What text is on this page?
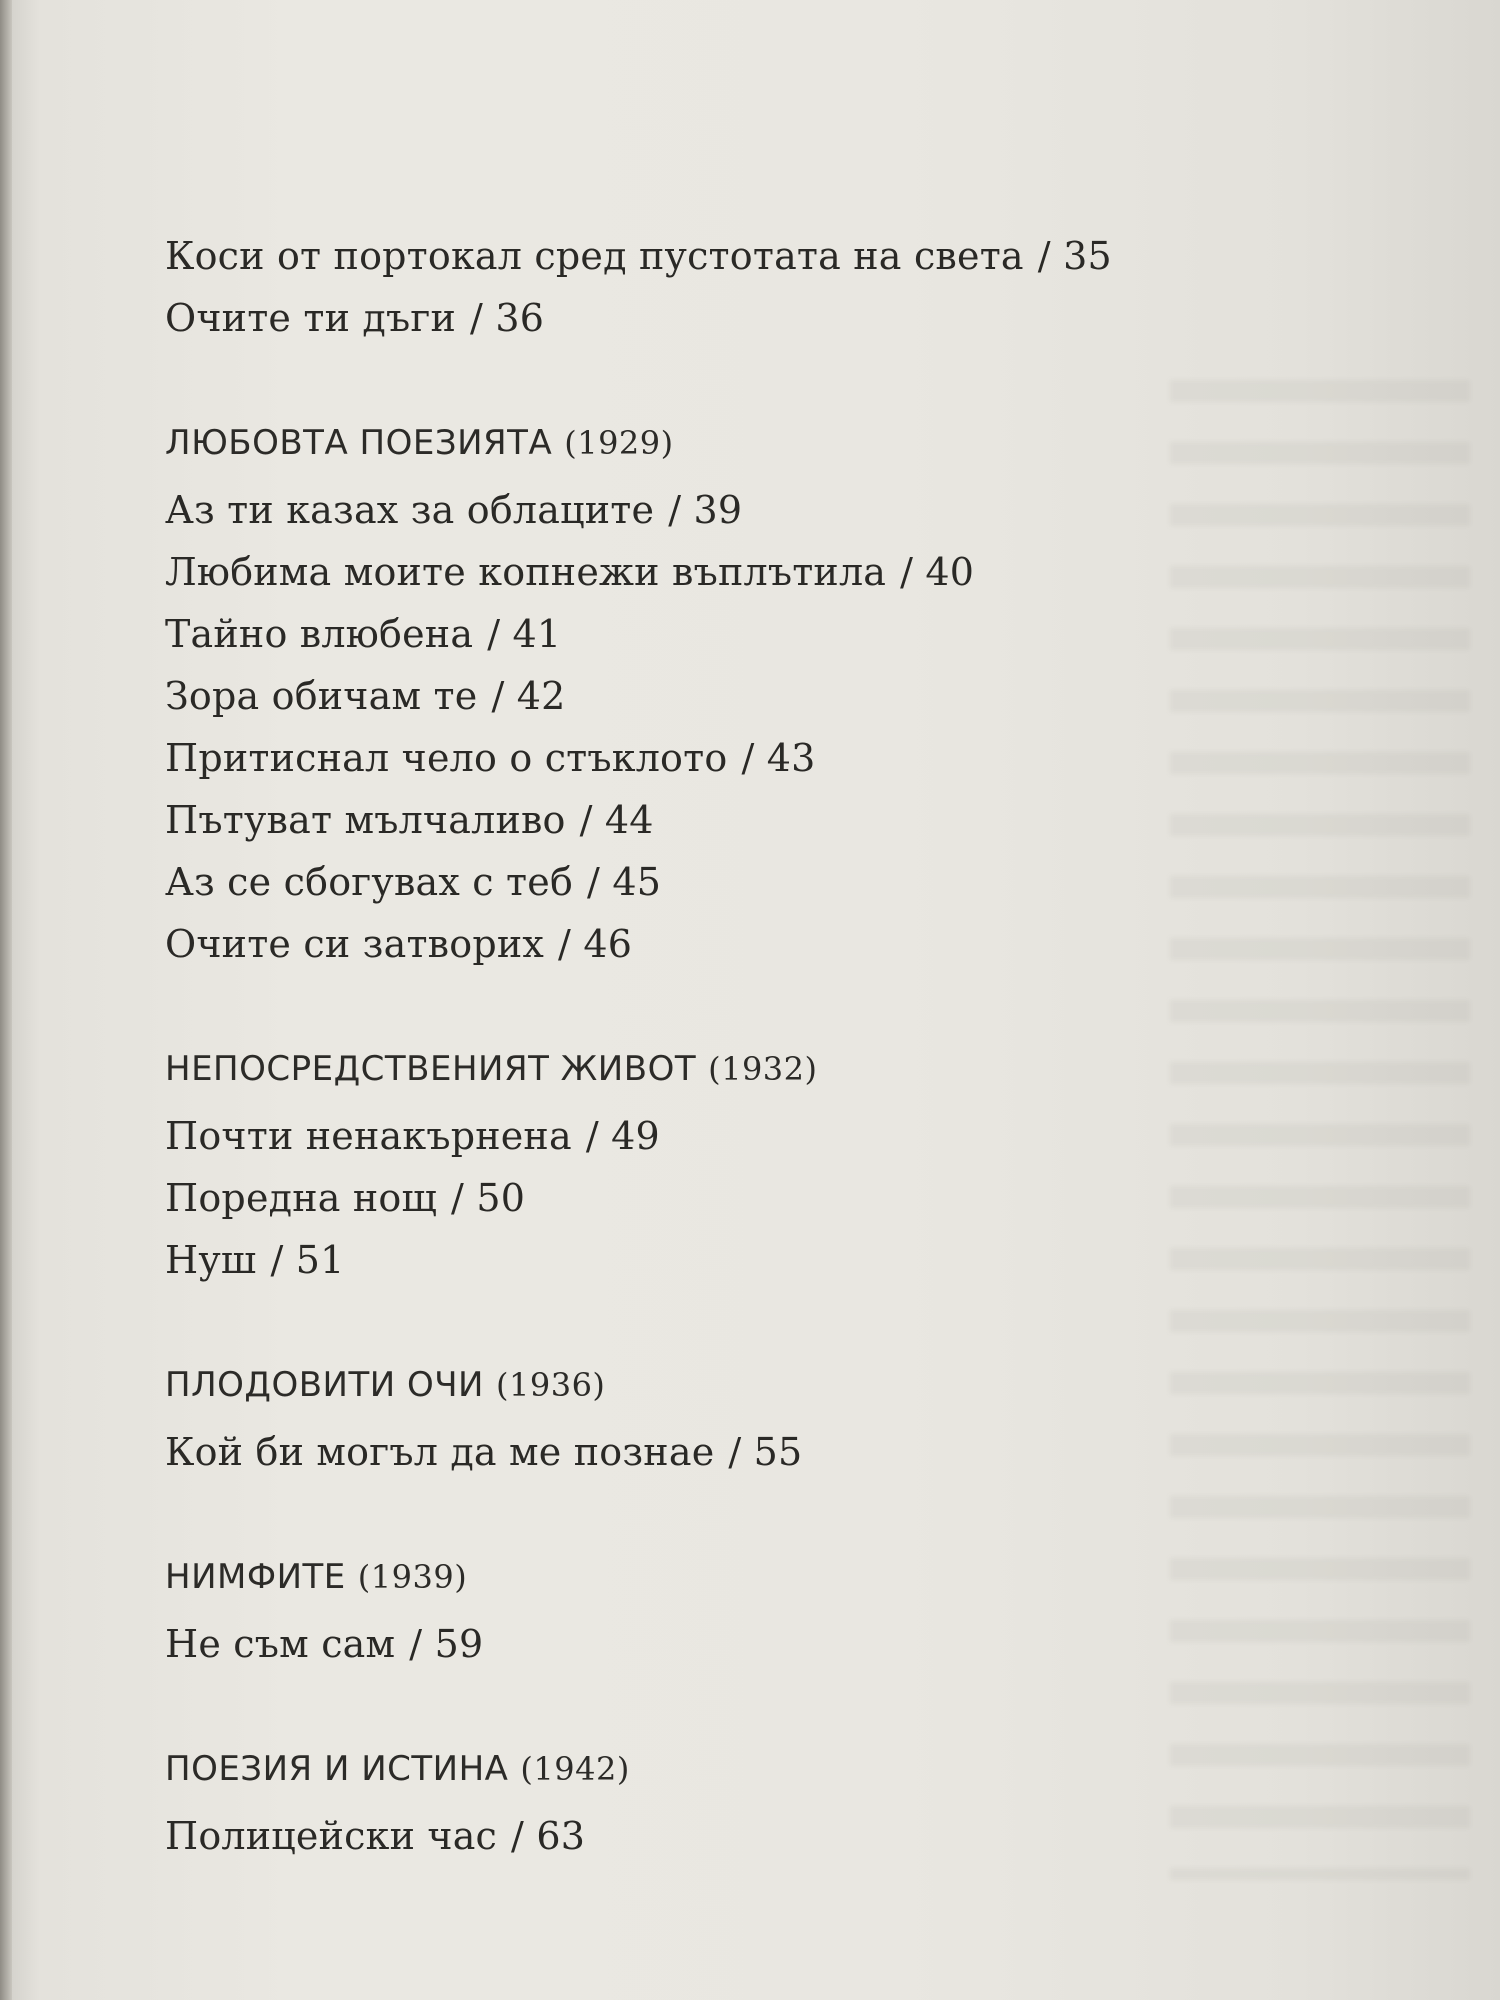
Коси от портокал сред пустотата на света / 35
Очите ти дъги / 36
ЛЮБОВТА ПОЕЗИЯТА (1929)
Аз ти казах за облаците / 39
Любима моите копнежи въплътила / 40
Тайно влюбена / 41
Зора обичам те / 42
Притиснал чело о стъклото / 43
Пътуват мълчаливо / 44
Аз се сбогувах с теб / 45
Очите си затворих / 46
НЕПОСРЕДСТВЕНИЯТ ЖИВОТ (1932)
Почти ненакърнена / 49
Поредна нощ / 50
Нуш / 51
ПЛОДОВИТИ ОЧИ (1936)
Кой би могъл да ме познае / 55
НИМФИТЕ (1939)
Не съм сам / 59
ПОЕЗИЯ И ИСТИНА (1942)
Полицейски час / 63
